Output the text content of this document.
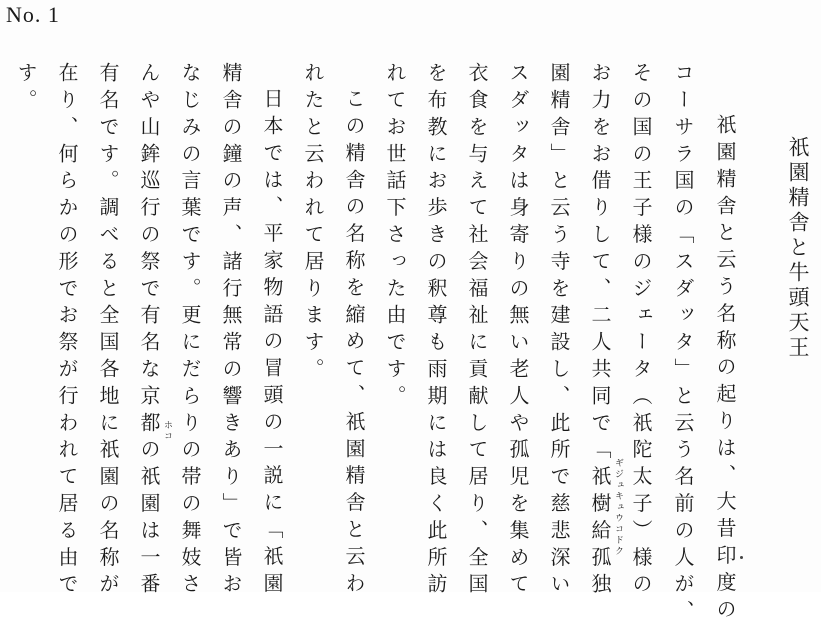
No. 1
祇園精舎と牛頭天王
祇園精舎と云う名称の起りは、大昔印度の
コーサラ国の「スダッタ」と云う名前の人が、
その国の王子様のジェータ（祇陀太子）様の
お力をお借りして、二人共同で「祇樹給孤独
園精舎」と云う寺を建設し、此所で慈悲深い
スダッタは身寄りの無い老人や孤児を集めて
衣食を与えて社会福祉に貢献して居り、全国
を布教にお歩きの釈尊も雨期には良く此所訪
れてお世話下さった由です。
この精舎の名称を縮めて、祇園精舎と云わ
れたと云われて居ります。
日本では、平家物語の冒頭の一説に「祇園
精舎の鐘の声、諸行無常の響きあり」で皆お
なじみの言葉です。更にだらりの帯の舞妓さ
んや山鉾巡行の祭で有名な京都の祇園は一番
有名です。調べると全国各地に祇園の名称が
在り、何らかの形でお祭が行われて居る由で
す。
ギジュキュウコドク
ホコ
